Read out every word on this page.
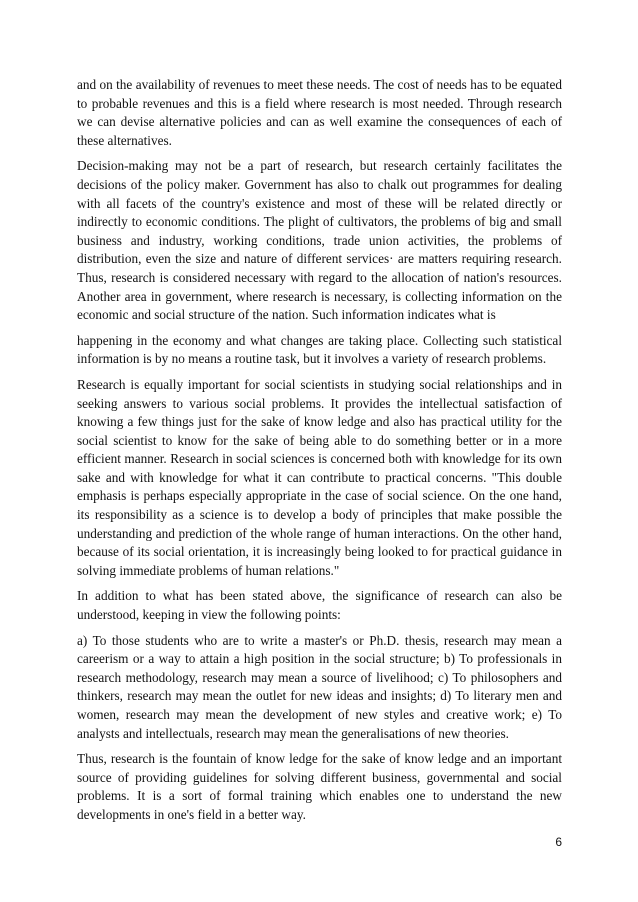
and on the availability of revenues to meet these needs. The cost of needs has to be equated to probable revenues and this is a field where research is most needed. Through research we can devise alternative policies and can as well examine the consequences of each of these alternatives.

Decision-making may not be a part of research, but research certainly facilitates the decisions of the policy maker. Government has also to chalk out programmes for dealing with all facets of the country's existence and most of these will be related directly or indirectly to economic conditions. The plight of cultivators, the problems of big and small business and industry, working conditions, trade union activities, the problems of distribution, even the size and nature of different services· are matters requiring research. Thus, research is considered necessary with regard to the allocation of nation's resources. Another area in government, where research is necessary, is collecting information on the economic and social structure of the nation. Such information indicates what is

happening in the economy and what changes are taking place. Collecting such statistical information is by no means a routine task, but it involves a variety of research problems.

Research is equally important for social scientists in studying social relationships and in seeking answers to various social problems. It provides the intellectual satisfaction of knowing a few things just for the sake of know ledge and also has practical utility for the social scientist to know for the sake of being able to do something better or in a more efficient manner. Research in social sciences is concerned both with knowledge for its own sake and with knowledge for what it can contribute to practical concerns. "This double emphasis is perhaps especially appropriate in the case of social science. On the one hand, its responsibility as a science is to develop a body of principles that make possible the understanding and prediction of the whole range of human interactions. On the other hand, because of its social orientation, it is increasingly being looked to for practical guidance in solving immediate problems of human relations."

In addition to what has been stated above, the significance of research can also be understood, keeping in view the following points:

a) To those students who are to write a master's or Ph.D. thesis, research may mean a careerism or a way to attain a high position in the social structure; b) To professionals in research methodology, research may mean a source of livelihood; c) To philosophers and thinkers, research may mean the outlet for new ideas and insights; d) To literary men and women, research may mean the development of new styles and creative work; e) To analysts and intellectuals, research may mean the generalisations of new theories.

Thus, research is the fountain of know ledge for the sake of know ledge and an important source of providing guidelines for solving different business, governmental and social problems. It is a sort of formal training which enables one to understand the new developments in one's field in a better way.

6
